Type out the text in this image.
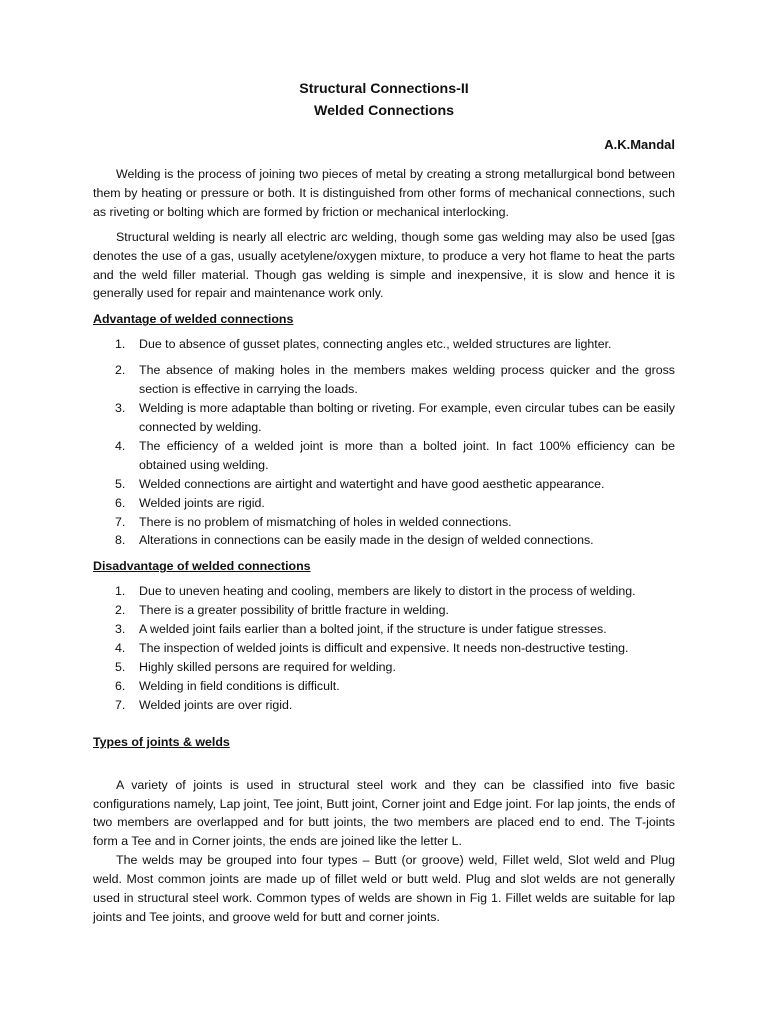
Structural Connections-II
Welded Connections
A.K.Mandal

Welding is the process of joining two pieces of metal by creating a strong metallurgical bond between them by heating or pressure or both. It is distinguished from other forms of mechanical connections, such as riveting or bolting which are formed by friction or mechanical interlocking.

Structural welding is nearly all electric arc welding, though some gas welding may also be used [gas denotes the use of a gas, usually acetylene/oxygen mixture, to produce a very hot flame to heat the parts and the weld filler material. Though gas welding is simple and inexpensive, it is slow and hence it is generally used for repair and maintenance work only.

Advantage of welded connections
1. Due to absence of gusset plates, connecting angles etc., welded structures are lighter.
2. The absence of making holes in the members makes welding process quicker and the gross section is effective in carrying the loads.
3. Welding is more adaptable than bolting or riveting. For example, even circular tubes can be easily connected by welding.
4. The efficiency of a welded joint is more than a bolted joint. In fact 100% efficiency can be obtained using welding.
5. Welded connections are airtight and watertight and have good aesthetic appearance.
6. Welded joints are rigid.
7. There is no problem of mismatching of holes in welded connections.
8. Alterations in connections can be easily made in the design of welded connections.
Disadvantage of welded connections
1. Due to uneven heating and cooling, members are likely to distort in the process of welding.
2. There is a greater possibility of brittle fracture in welding.
3. A welded joint fails earlier than a bolted joint, if the structure is under fatigue stresses.
4. The inspection of welded joints is difficult and expensive. It needs non-destructive testing.
5. Highly skilled persons are required for welding.
6. Welding in field conditions is difficult.
7. Welded joints are over rigid.
Types of joints & welds

A variety of joints is used in structural steel work and they can be classified into five basic configurations namely, Lap joint, Tee joint, Butt joint, Corner joint and Edge joint. For lap joints, the ends of two members are overlapped and for butt joints, the two members are placed end to end. The T-joints form a Tee and in Corner joints, the ends are joined like the letter L.

The welds may be grouped into four types – Butt (or groove) weld, Fillet weld, Slot weld and Plug weld. Most common joints are made up of fillet weld or butt weld. Plug and slot welds are not generally used in structural steel work. Common types of welds are shown in Fig 1. Fillet welds are suitable for lap joints and Tee joints, and groove weld for butt and corner joints.
